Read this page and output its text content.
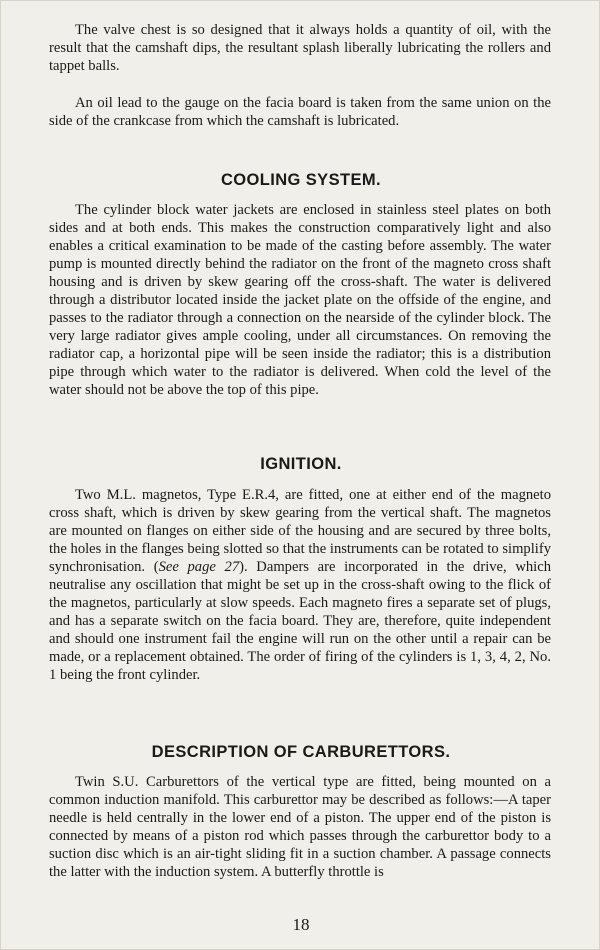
The valve chest is so designed that it always holds a quantity of oil, with the result that the camshaft dips, the resultant splash liberally lubricating the rollers and tappet balls.

An oil lead to the gauge on the facia board is taken from the same union on the side of the crankcase from which the camshaft is lubricated.

COOLING SYSTEM.

The cylinder block water jackets are enclosed in stainless steel plates on both sides and at both ends. This makes the construction comparatively light and also enables a critical examination to be made of the casting before assembly. The water pump is mounted directly behind the radiator on the front of the magneto cross shaft housing and is driven by skew gearing off the cross-shaft. The water is delivered through a distributor located inside the jacket plate on the offside of the engine, and passes to the radiator through a connection on the nearside of the cylinder block. The very large radiator gives ample cooling, under all circumstances. On removing the radiator cap, a horizontal pipe will be seen inside the radiator; this is a distribution pipe through which water to the radiator is delivered. When cold the level of the water should not be above the top of this pipe.

IGNITION.

Two M.L. magnetos, Type E.R.4, are fitted, one at either end of the magneto cross shaft, which is driven by skew gearing from the vertical shaft. The magnetos are mounted on flanges on either side of the housing and are secured by three bolts, the holes in the flanges being slotted so that the instruments can be rotated to simplify synchronisation. (See page 27). Dampers are incorporated in the drive, which neutralise any oscillation that might be set up in the cross-shaft owing to the flick of the magnetos, particularly at slow speeds. Each magneto fires a separate set of plugs, and has a separate switch on the facia board. They are, therefore, quite independent and should one instrument fail the engine will run on the other until a repair can be made, or a replacement obtained. The order of firing of the cylinders is 1, 3, 4, 2, No. 1 being the front cylinder.

DESCRIPTION OF CARBURETTORS.

Twin S.U. Carburettors of the vertical type are fitted, being mounted on a common induction manifold. This carburettor may be described as follows:—A taper needle is held centrally in the lower end of a piston. The upper end of the piston is connected by means of a piston rod which passes through the carburettor body to a suction disc which is an air-tight sliding fit in a suction chamber. A passage connects the latter with the induction system. A butterfly throttle is

18
